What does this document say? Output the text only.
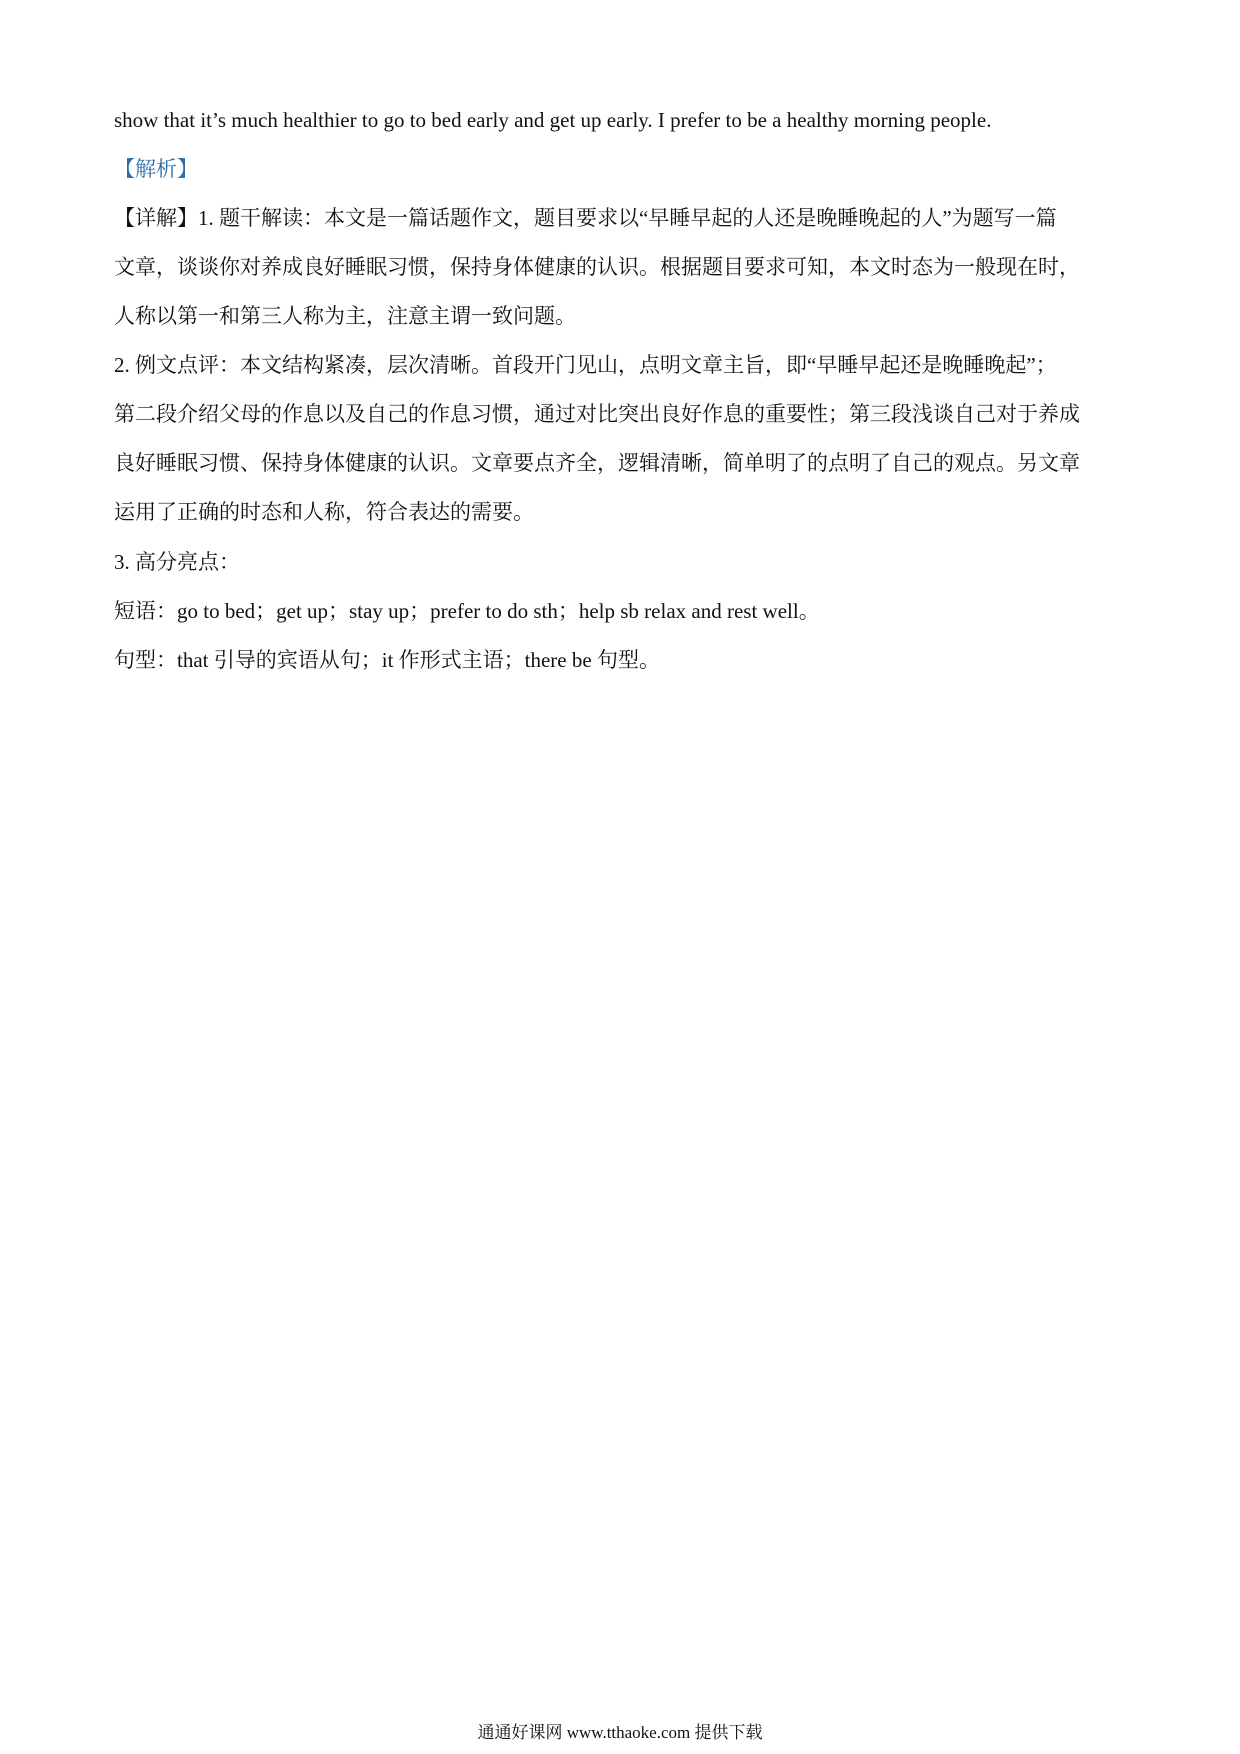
show that it’s much healthier to go to bed early and get up early. I prefer to be a healthy morning people.
【解析】
【详解】1. 题干解读：本文是一篇话题作文，题目要求以“早睡早起的人还是晚睡晚起的人”为题写一篇
文章，谈谈你对养成良好睡眠习惯，保持身体健康的认识。根据题目要求可知，本文时态为一般现在时，
人称以第一和第三人称为主，注意主谓一致问题。
2. 例文点评：本文结构紧凑，层次清晰。首段开门见山，点明文章主旨，即“早睡早起还是晚睡晚起”；
第二段介绍父母的作息以及自己的作息习惯，通过对比突出良好作息的重要性；第三段浅谈自己对于养成
良好睡眠习惯、保持身体健康的认识。文章要点齐全，逻辑清晰，简单明了的点明了自己的观点。另文章
运用了正确的时态和人称，符合表达的需要。
3. 高分亮点：
短语：go to bed；get up；stay up；prefer to do sth；help sb relax and rest well。
句型：that 引导的宾语从句；it 作形式主语；there be 句型。
通通好课网 www.tthaoke.com 提供下载
